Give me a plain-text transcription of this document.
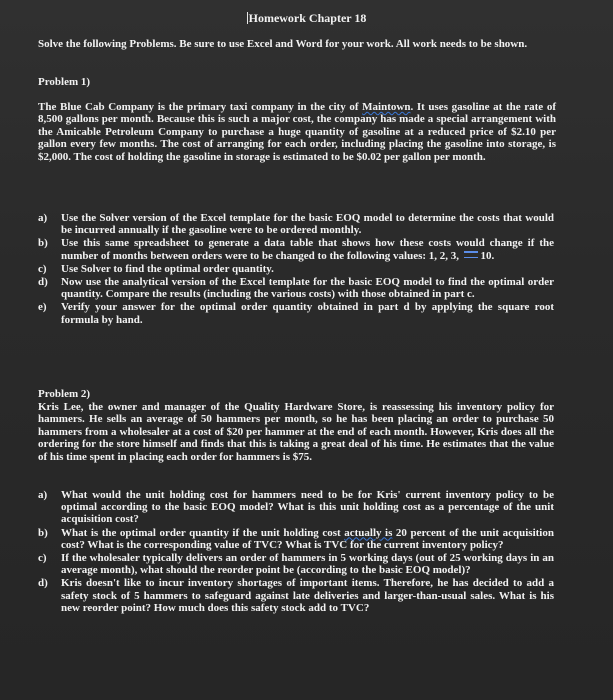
Homework Chapter 18
Solve the following Problems. Be sure to use Excel and Word for your work. All work needs to be shown.
Problem 1)
The Blue Cab Company is the primary taxi company in the city of Maintown. It uses gasoline at the rate of 8,500 gallons per month. Because this is such a major cost, the company has made a special arrangement with the Amicable Petroleum Company to purchase a huge quantity of gasoline at a reduced price of $2.10 per gallon every few months. The cost of arranging for each order, including placing the gasoline into storage, is $2,000. The cost of holding the gasoline in storage is estimated to be $0.02 per gallon per month.
a) Use the Solver version of the Excel template for the basic EOQ model to determine the costs that would be incurred annually if the gasoline were to be ordered monthly.
b) Use this same spreadsheet to generate a data table that shows how these costs would change if the number of months between orders were to be changed to the following values: 1, 2, 3,  10.
c) Use Solver to find the optimal order quantity.
d) Now use the analytical version of the Excel template for the basic EOQ model to find the optimal order quantity. Compare the results (including the various costs) with those obtained in part c.
e) Verify your answer for the optimal order quantity obtained in part d by applying the square root formula by hand.
Problem 2)
Kris Lee, the owner and manager of the Quality Hardware Store, is reassessing his inventory policy for hammers. He sells an average of 50 hammers per month, so he has been placing an order to purchase 50 hammers from a wholesaler at a cost of $20 per hammer at the end of each month. However, Kris does all the ordering for the store himself and finds that this is taking a great deal of his time. He estimates that the value of his time spent in placing each order for hammers is $75.
a) What would the unit holding cost for hammers need to be for Kris' current inventory policy to be optimal according to the basic EOQ model? What is this unit holding cost as a percentage of the unit acquisition cost?
b) What is the optimal order quantity if the unit holding cost actually is 20 percent of the unit acquisition cost? What is the corresponding value of TVC? What is TVC for the current inventory policy?
c) If the wholesaler typically delivers an order of hammers in 5 working days (out of 25 working days in an average month), what should the reorder point be (according to the basic EOQ model)?
d) Kris doesn't like to incur inventory shortages of important items. Therefore, he has decided to add a safety stock of 5 hammers to safeguard against late deliveries and larger-than-usual sales. What is his new reorder point? How much does this safety stock add to TVC?
